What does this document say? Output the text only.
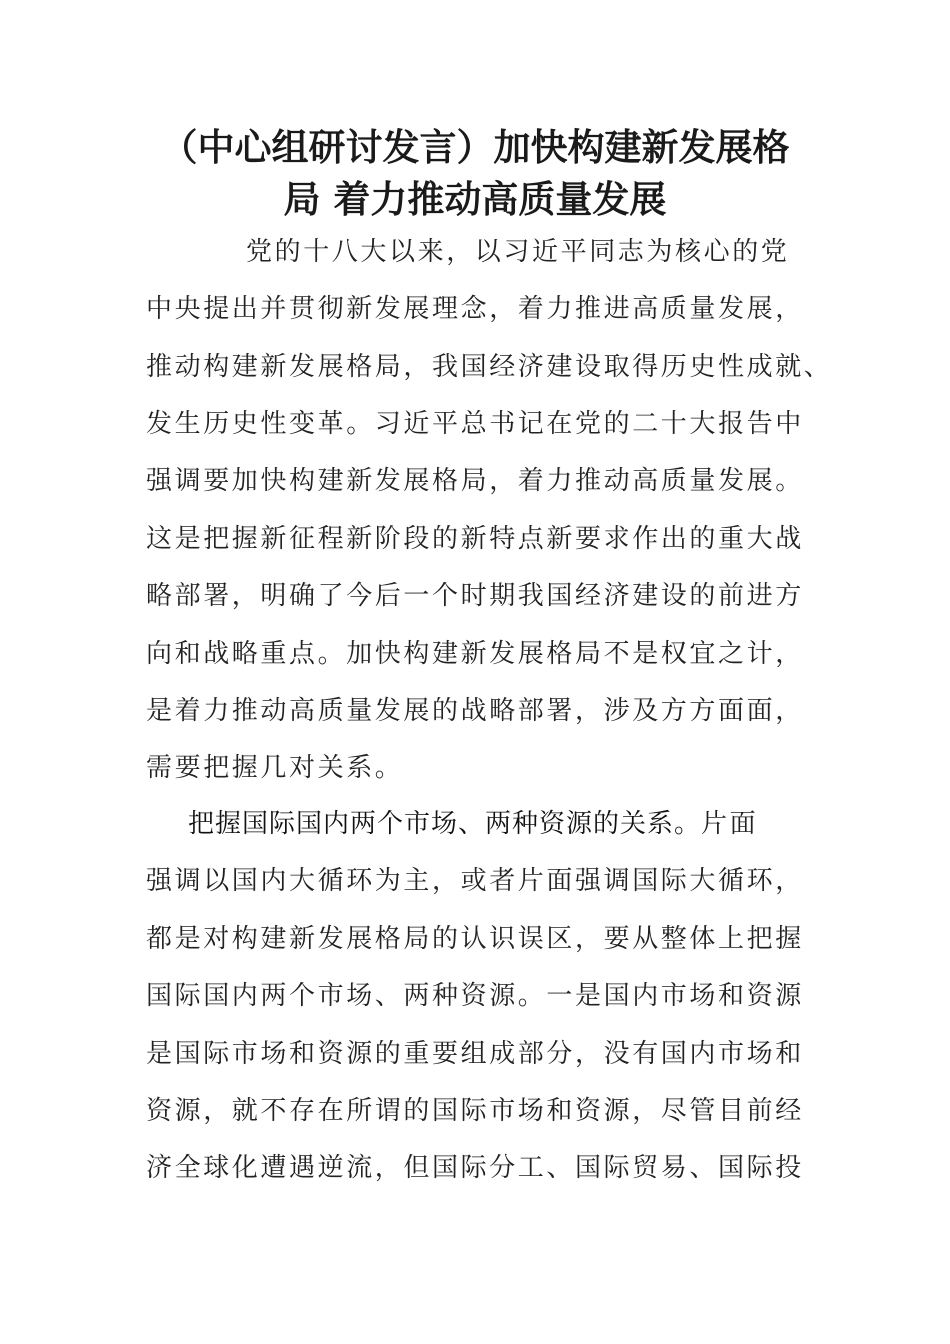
（中心组研讨发言）加快构建新发展格
局 着力推动高质量发展
党的十八大以来，以习近平同志为核心的党
中央提出并贯彻新发展理念，着力推进高质量发展，
推动构建新发展格局，我国经济建设取得历史性成就、
发生历史性变革。习近平总书记在党的二十大报告中
强调要加快构建新发展格局，着力推动高质量发展。
这是把握新征程新阶段的新特点新要求作出的重大战
略部署，明确了今后一个时期我国经济建设的前进方
向和战略重点。加快构建新发展格局不是权宜之计，
是着力推动高质量发展的战略部署，涉及方方面面，
需要把握几对关系。
把握国际国内两个市场、两种资源的关系。片面
强调以国内大循环为主，或者片面强调国际大循环，
都是对构建新发展格局的认识误区，要从整体上把握
国际国内两个市场、两种资源。一是国内市场和资源
是国际市场和资源的重要组成部分，没有国内市场和
资源，就不存在所谓的国际市场和资源，尽管目前经
济全球化遭遇逆流，但国际分工、国际贸易、国际投
